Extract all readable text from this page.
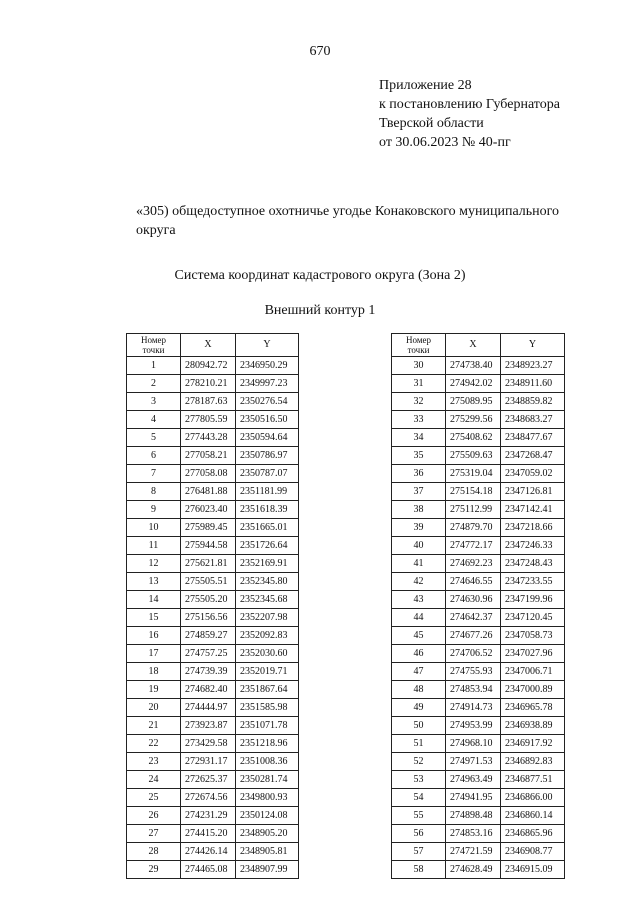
670
Приложение 28
к постановлению Губернатора
Тверской области
от 30.06.2023 № 40-пг
«305) общедоступное охотничье угодье Конаковского муниципального округа
Система координат кадастрового округа (Зона 2)
Внешний контур 1
Номер
точки	X	Y
1	280942.72	2346950.29
2	278210.21	2349997.23
3	278187.63	2350276.54
4	277805.59	2350516.50
5	277443.28	2350594.64
6	277058.21	2350786.97
7	277058.08	2350787.07
8	276481.88	2351181.99
9	276023.40	2351618.39
10	275989.45	2351665.01
11	275944.58	2351726.64
12	275621.81	2352169.91
13	275505.51	2352345.80
14	275505.20	2352345.68
15	275156.56	2352207.98
16	274859.27	2352092.83
17	274757.25	2352030.60
18	274739.39	2352019.71
19	274682.40	2351867.64
20	274444.97	2351585.98
21	273923.87	2351071.78
22	273429.58	2351218.96
23	272931.17	2351008.36
24	272625.37	2350281.74
25	272674.56	2349800.93
26	274231.29	2350124.08
27	274415.20	2348905.20
28	274426.14	2348905.81
29	274465.08	2348907.99
Номер
точки	X	Y
30	274738.40	2348923.27
31	274942.02	2348911.60
32	275089.95	2348859.82
33	275299.56	2348683.27
34	275408.62	2348477.67
35	275509.63	2347268.47
36	275319.04	2347059.02
37	275154.18	2347126.81
38	275112.99	2347142.41
39	274879.70	2347218.66
40	274772.17	2347246.33
41	274692.23	2347248.43
42	274646.55	2347233.55
43	274630.96	2347199.96
44	274642.37	2347120.45
45	274677.26	2347058.73
46	274706.52	2347027.96
47	274755.93	2347006.71
48	274853.94	2347000.89
49	274914.73	2346965.78
50	274953.99	2346938.89
51	274968.10	2346917.92
52	274971.53	2346892.83
53	274963.49	2346877.51
54	274941.95	2346866.00
55	274898.48	2346860.14
56	274853.16	2346865.96
57	274721.59	2346908.77
58	274628.49	2346915.09
